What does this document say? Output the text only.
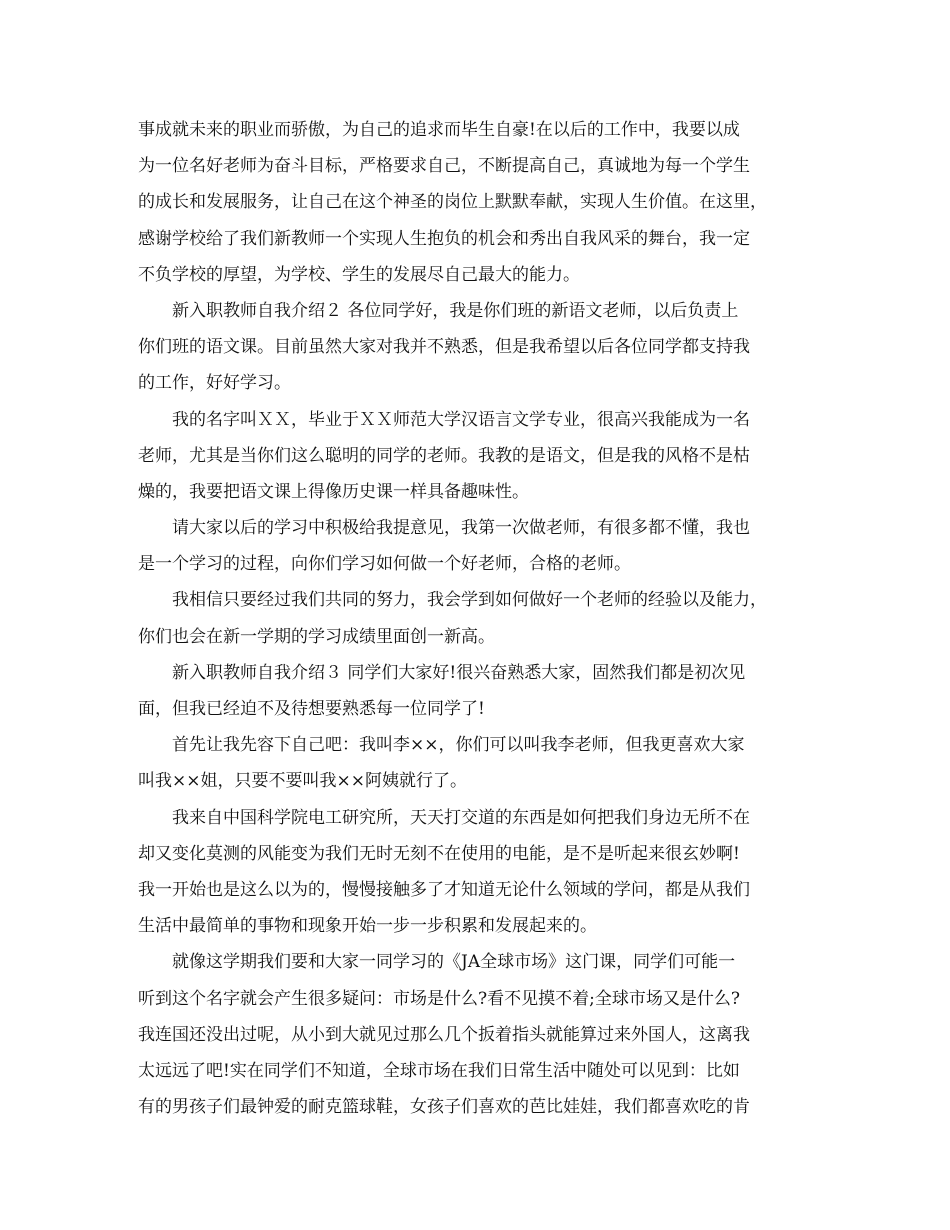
事成就未来的职业而骄傲，为自己的追求而毕生自豪!在以后的工作中，我要以成
为一位名好老师为奋斗目标，严格要求自己，不断提高自己，真诚地为每一个学生
的成长和发展服务，让自己在这个神圣的岗位上默默奉献，实现人生价值。在这里，
感谢学校给了我们新教师一个实现人生抱负的机会和秀出自我风采的舞台，我一定
不负学校的厚望，为学校、学生的发展尽自己最大的能力。
　　新入职教师自我介绍２ 各位同学好，我是你们班的新语文老师，以后负责上
你们班的语文课。目前虽然大家对我并不熟悉，但是我希望以后各位同学都支持我
的工作，好好学习。
　　我的名字叫ＸＸ，毕业于ＸＸ师范大学汉语言文学专业，很高兴我能成为一名
老师，尤其是当你们这么聪明的同学的老师。我教的是语文，但是我的风格不是枯
燥的，我要把语文课上得像历史课一样具备趣味性。
　　请大家以后的学习中积极给我提意见，我第一次做老师，有很多都不懂，我也
是一个学习的过程，向你们学习如何做一个好老师，合格的老师。
　　我相信只要经过我们共同的努力，我会学到如何做好一个老师的经验以及能力，
你们也会在新一学期的学习成绩里面创一新高。
　　新入职教师自我介绍３ 同学们大家好!很兴奋熟悉大家，固然我们都是初次见
面，但我已经迫不及待想要熟悉每一位同学了!
　　首先让我先容下自己吧：我叫李××，你们可以叫我李老师，但我更喜欢大家
叫我××姐，只要不要叫我××阿姨就行了。
　　我来自中国科学院电工研究所，天天打交道的东西是如何把我们身边无所不在
却又变化莫测的风能变为我们无时无刻不在使用的电能，是不是听起来很玄妙啊!
我一开始也是这么以为的，慢慢接触多了才知道无论什么领域的学问，都是从我们
生活中最简单的事物和现象开始一步一步积累和发展起来的。
　　就像这学期我们要和大家一同学习的《JA全球市场》这门课，同学们可能一
听到这个名字就会产生很多疑问：市场是什么?看不见摸不着;全球市场又是什么?
我连国还没出过呢，从小到大就见过那么几个扳着指头就能算过来外国人，这离我
太远远了吧!实在同学们不知道，全球市场在我们日常生活中随处可以见到：比如
有的男孩子们最钟爱的耐克篮球鞋，女孩子们喜欢的芭比娃娃，我们都喜欢吃的肯
